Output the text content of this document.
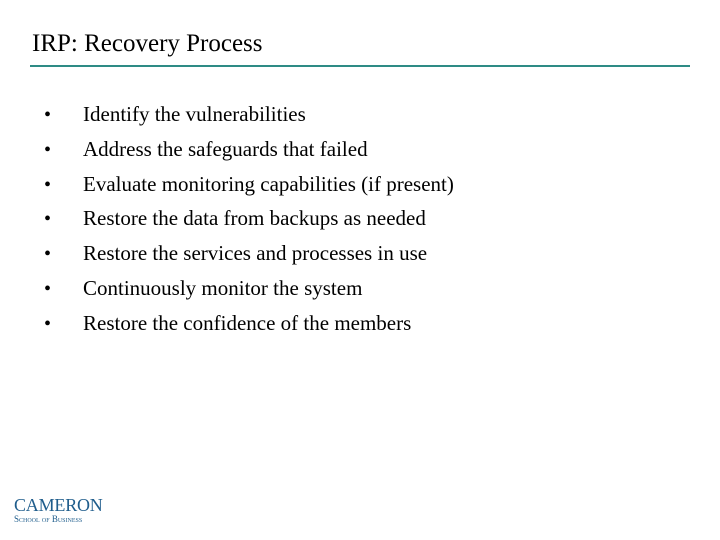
IRP: Recovery Process
•	Identify the vulnerabilities
•	Address the safeguards that failed
•	Evaluate monitoring capabilities (if present)
•	Restore the data from backups as needed
•	Restore the services and processes in use
•	Continuously monitor the system
•	Restore the confidence of the members
CAMERON
School of Business
